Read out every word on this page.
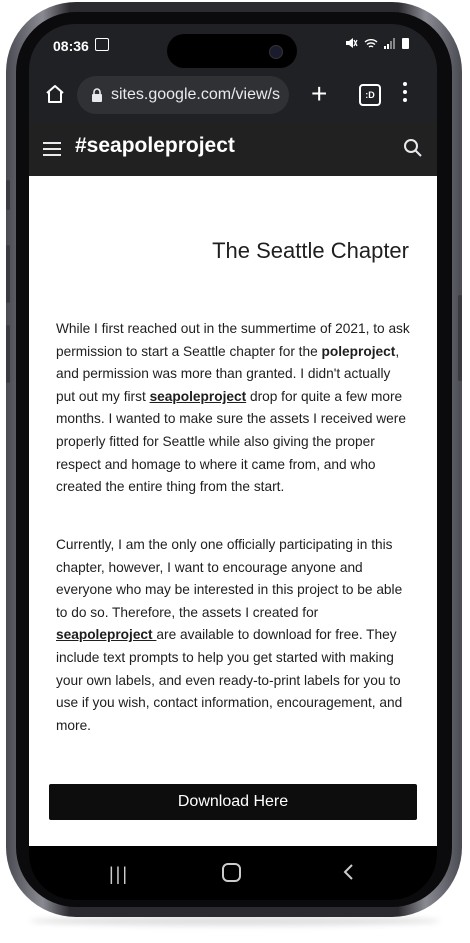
08:36
sites.google.com/view/s +	:D
#seapoleproject
The Seattle Chapter

While I first reached out in the summertime of 2021, to ask permission to start a Seattle chapter for the poleproject, and permission was more than granted. I didn't actually put out my first seapoleproject drop for quite a few more months. I wanted to make sure the assets I received were properly fitted for Seattle while also giving the proper respect and homage to where it came from, and who created the entire thing from the start.

Currently, I am the only one officially participating in this chapter, however, I want to encourage anyone and everyone who may be interested in this project to be able to do so. Therefore, the assets I created for seapoleproject are available to download for free. They include text prompts to help you get started with making your own labels, and even ready-to-print labels for you to use if you wish, contact information, encouragement, and more.

Download Here
|||
